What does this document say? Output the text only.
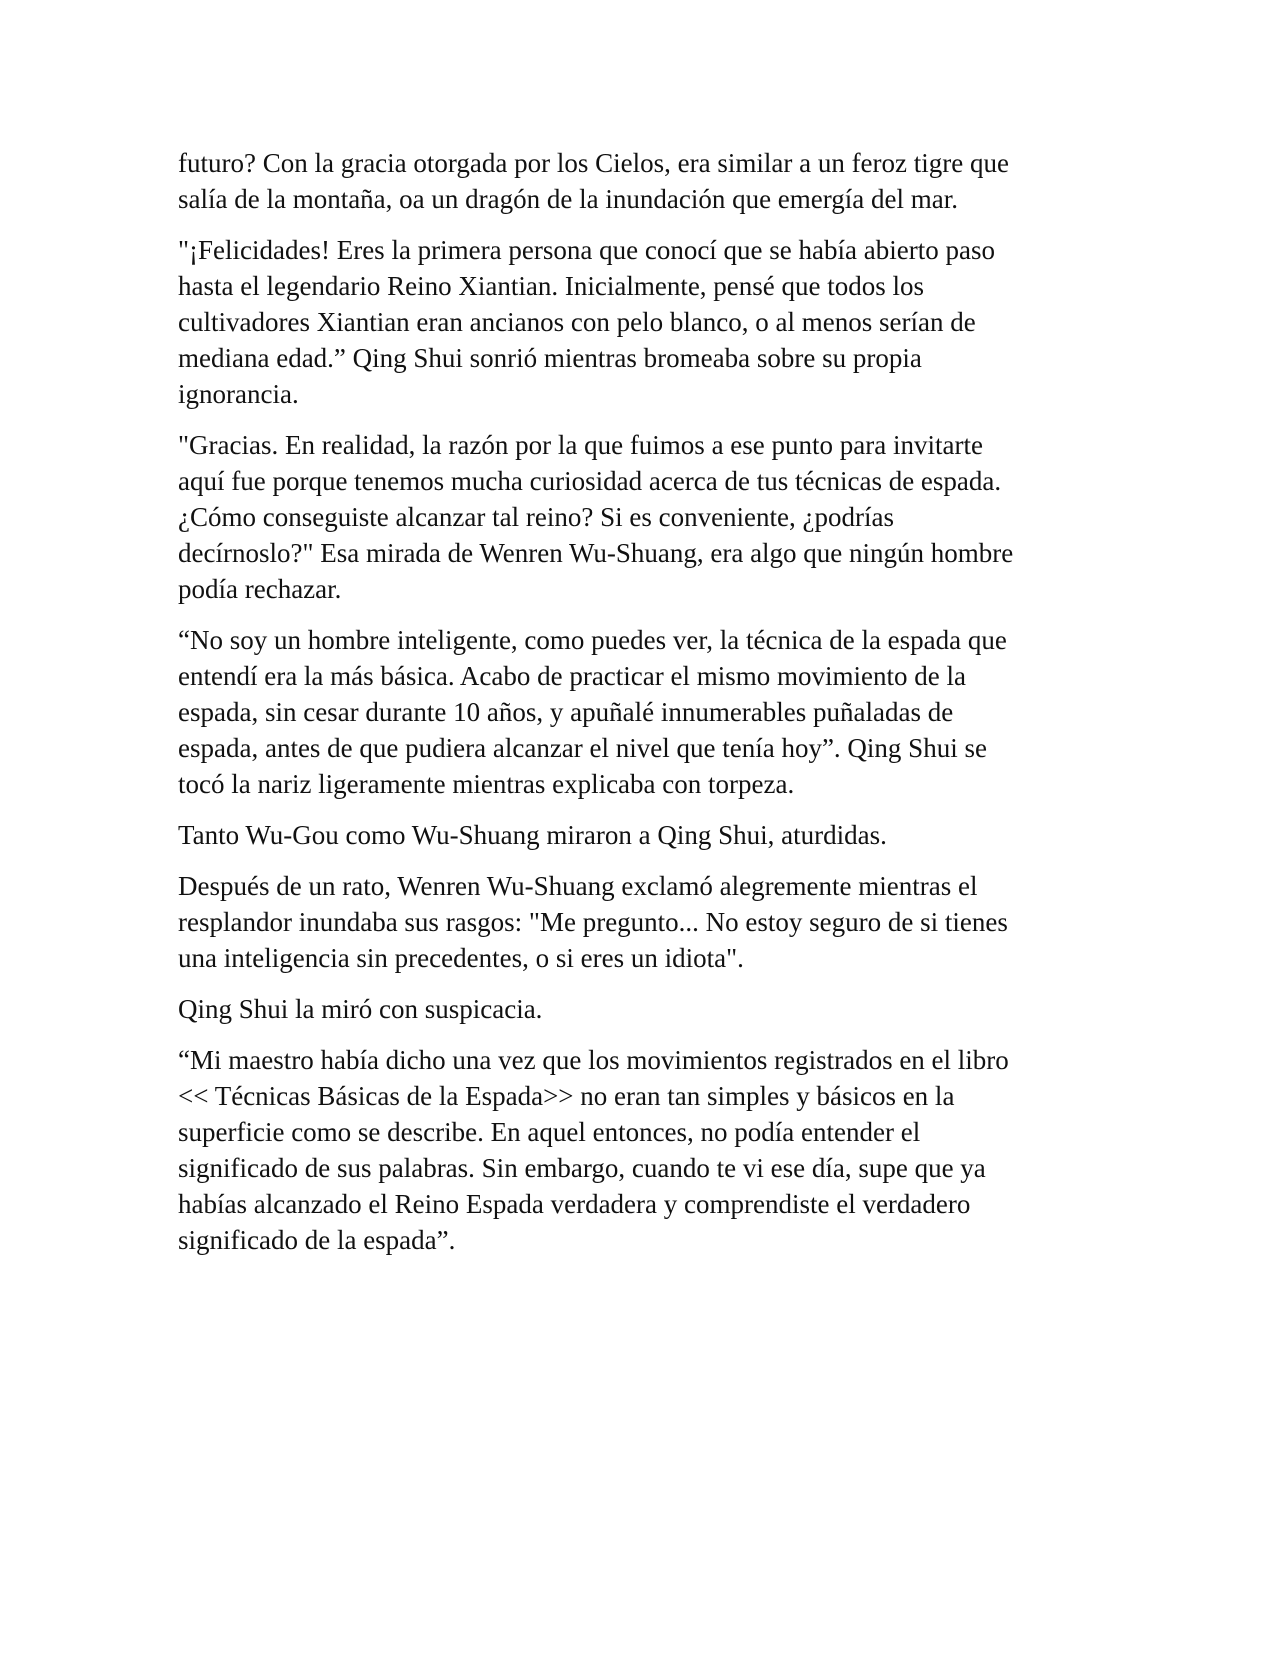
futuro? Con la gracia otorgada por los Cielos, era similar a un feroz tigre que
salía de la montaña, oa un dragón de la inundación que emergía del mar.

"¡Felicidades! Eres la primera persona que conocí que se había abierto paso
hasta el legendario Reino Xiantian. Inicialmente, pensé que todos los
cultivadores Xiantian eran ancianos con pelo blanco, o al menos serían de
mediana edad.” Qing Shui sonrió mientras bromeaba sobre su propia
ignorancia.

"Gracias. En realidad, la razón por la que fuimos a ese punto para invitarte
aquí fue porque tenemos mucha curiosidad acerca de tus técnicas de espada.
¿Cómo conseguiste alcanzar tal reino? Si es conveniente, ¿podrías
decírnoslo?" Esa mirada de Wenren Wu-Shuang, era algo que ningún hombre
podía rechazar.

“No soy un hombre inteligente, como puedes ver, la técnica de la espada que
entendí era la más básica. Acabo de practicar el mismo movimiento de la
espada, sin cesar durante 10 años, y apuñalé innumerables puñaladas de
espada, antes de que pudiera alcanzar el nivel que tenía hoy”. Qing Shui se
tocó la nariz ligeramente mientras explicaba con torpeza.

Tanto Wu-Gou como Wu-Shuang miraron a Qing Shui, aturdidas.

Después de un rato, Wenren Wu-Shuang exclamó alegremente mientras el
resplandor inundaba sus rasgos: "Me pregunto... No estoy seguro de si tienes
una inteligencia sin precedentes, o si eres un idiota".

Qing Shui la miró con suspicacia.

“Mi maestro había dicho una vez que los movimientos registrados en el libro
<< Técnicas Básicas de la Espada>> no eran tan simples y básicos en la
superficie como se describe. En aquel entonces, no podía entender el
significado de sus palabras. Sin embargo, cuando te vi ese día, supe que ya
habías alcanzado el Reino Espada verdadera y comprendiste el verdadero
significado de la espada”.
